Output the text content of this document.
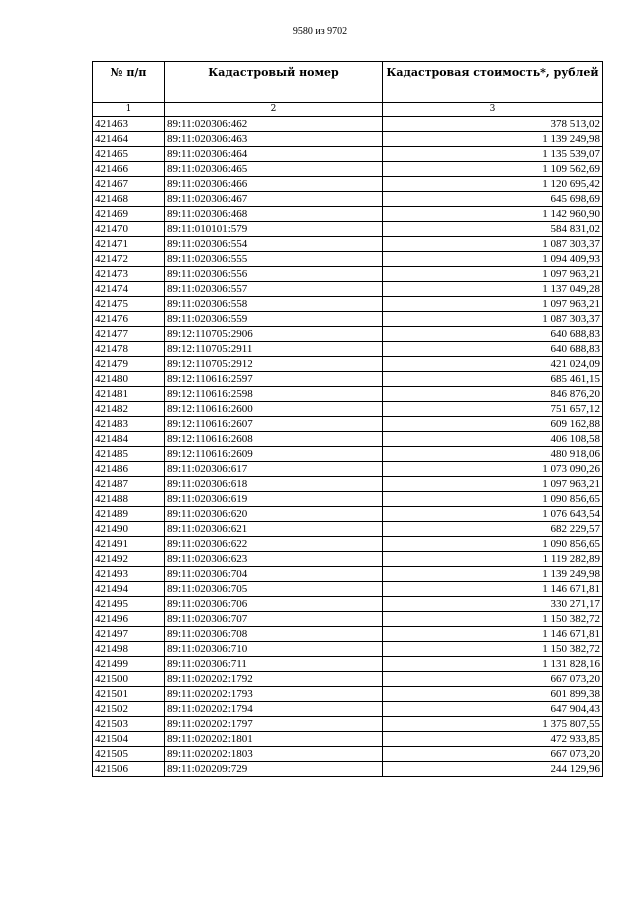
9580 из 9702
№ п/п	Кадастровый номер	Кадастровая стоимость*, рублей
1	2	3
421463	89:11:020306:462	378 513,02
421464	89:11:020306:463	1 139 249,98
421465	89:11:020306:464	1 135 539,07
421466	89:11:020306:465	1 109 562,69
421467	89:11:020306:466	1 120 695,42
421468	89:11:020306:467	645 698,69
421469	89:11:020306:468	1 142 960,90
421470	89:11:010101:579	584 831,02
421471	89:11:020306:554	1 087 303,37
421472	89:11:020306:555	1 094 409,93
421473	89:11:020306:556	1 097 963,21
421474	89:11:020306:557	1 137 049,28
421475	89:11:020306:558	1 097 963,21
421476	89:11:020306:559	1 087 303,37
421477	89:12:110705:2906	640 688,83
421478	89:12:110705:2911	640 688,83
421479	89:12:110705:2912	421 024,09
421480	89:12:110616:2597	685 461,15
421481	89:12:110616:2598	846 876,20
421482	89:12:110616:2600	751 657,12
421483	89:12:110616:2607	609 162,88
421484	89:12:110616:2608	406 108,58
421485	89:12:110616:2609	480 918,06
421486	89:11:020306:617	1 073 090,26
421487	89:11:020306:618	1 097 963,21
421488	89:11:020306:619	1 090 856,65
421489	89:11:020306:620	1 076 643,54
421490	89:11:020306:621	682 229,57
421491	89:11:020306:622	1 090 856,65
421492	89:11:020306:623	1 119 282,89
421493	89:11:020306:704	1 139 249,98
421494	89:11:020306:705	1 146 671,81
421495	89:11:020306:706	330 271,17
421496	89:11:020306:707	1 150 382,72
421497	89:11:020306:708	1 146 671,81
421498	89:11:020306:710	1 150 382,72
421499	89:11:020306:711	1 131 828,16
421500	89:11:020202:1792	667 073,20
421501	89:11:020202:1793	601 899,38
421502	89:11:020202:1794	647 904,43
421503	89:11:020202:1797	1 375 807,55
421504	89:11:020202:1801	472 933,85
421505	89:11:020202:1803	667 073,20
421506	89:11:020209:729	244 129,96
